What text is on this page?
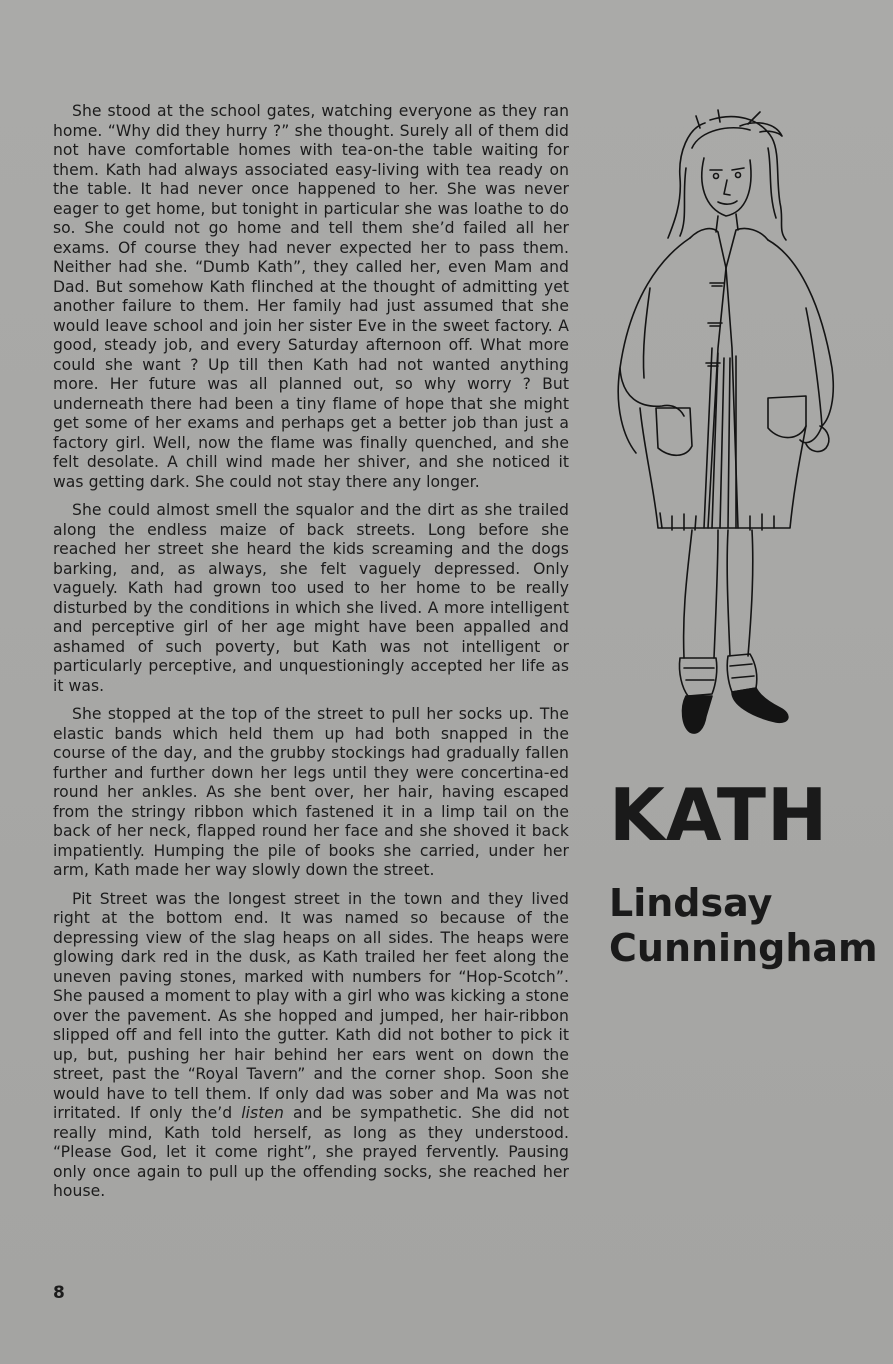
She stood at the school gates, watching everyone as they ran home. “Why did they hurry ?” she thought. Surely all of them did not have comfortable homes with tea-on-the table waiting for them. Kath had always associated easy-living with tea ready on the table. It had never once happened to her. She was never eager to get home, but tonight in particular she was loathe to do so. She could not go home and tell them she’d failed all her exams. Of course they had never expected her to pass them. Neither had she. “Dumb Kath”, they called her, even Mam and Dad. But somehow Kath flinched at the thought of admitting yet another failure to them. Her family had just assumed that she would leave school and join her sister Eve in the sweet factory. A good, steady job, and every Saturday afternoon off. What more could she want ? Up till then Kath had not wanted anything more. Her future was all planned out, so why worry ? But underneath there had been a tiny flame of hope that she might get some of her exams and perhaps get a better job than just a factory girl. Well, now the flame was finally quenched, and she felt desolate. A chill wind made her shiver, and she noticed it was getting dark. She could not stay there any longer.

She could almost smell the squalor and the dirt as she trailed along the endless maize of back streets. Long before she reached her street she heard the kids screaming and the dogs barking, and, as always, she felt vaguely depressed. Only vaguely. Kath had grown too used to her home to be really disturbed by the conditions in which she lived. A more intelligent and perceptive girl of her age might have been appalled and ashamed of such poverty, but Kath was not intelligent or particularly perceptive, and unquestioningly accepted her life as it was.

She stopped at the top of the street to pull her socks up. The elastic bands which held them up had both snapped in the course of the day, and the grubby stockings had gradually fallen further and further down her legs until they were concertina-ed round her ankles. As she bent over, her hair, having escaped from the stringy ribbon which fastened it in a limp tail on the back of her neck, flapped round her face and she shoved it back impatiently. Humping the pile of books she carried, under her arm, Kath made her way slowly down the street.

Pit Street was the longest street in the town and they lived right at the bottom end. It was named so because of the depressing view of the slag heaps on all sides. The heaps were glowing dark red in the dusk, as Kath trailed her feet along the uneven paving stones, marked with numbers for “Hop-Scotch”. She paused a moment to play with a girl who was kicking a stone over the pavement. As she hopped and jumped, her hair-ribbon slipped off and fell into the gutter. Kath did not bother to pick it up, but, pushing her hair behind her ears went on down the street, past the “Royal Tavern” and the corner shop. Soon she would have to tell them. If only dad was sober and Ma was not irritated. If only the’d listen and be sympathetic. She did not really mind, Kath told herself, as long as they understood. “Please God, let it come right”, she prayed fervently. Pausing only once again to pull up the offending socks, she reached her house.

8
KATH
Lindsay
Cunningham
